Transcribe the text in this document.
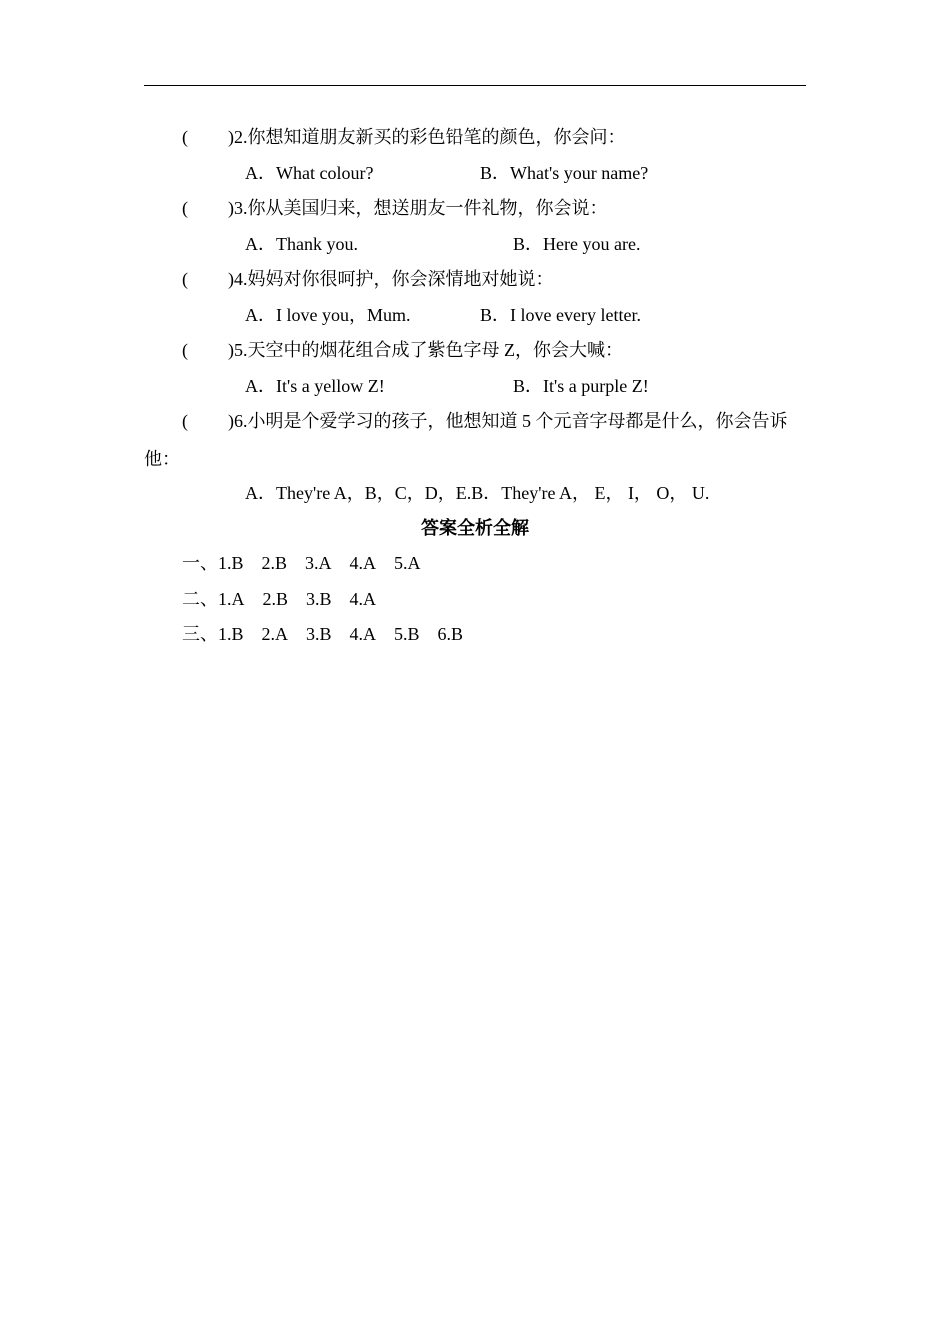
( )2.你想知道朋友新买的彩色铅笔的颜色，你会问：
A．What colour?	B．What's your name?
( )3.你从美国归来，想送朋友一件礼物，你会说：
A．Thank you.	B．Here you are.
( )4.妈妈对你很呵护，你会深情地对她说：
A．I love you，Mum.	B．I love every letter.
( )5.天空中的烟花组合成了紫色字母 Z，你会大喊：
A．It's a yellow Z!	B．It's a purple Z!
( )6.小明是个爱学习的孩子，他想知道 5 个元音字母都是什么，你会告诉
他：
A．They're A，B，C，D，E.B．They're A， E， I， O， U.
答案全析全解
一、1.B 2.B 3.A 4.A 5.A
二、1.A 2.B 3.B 4.A
三、1.B 2.A 3.B 4.A 5.B 6.B
